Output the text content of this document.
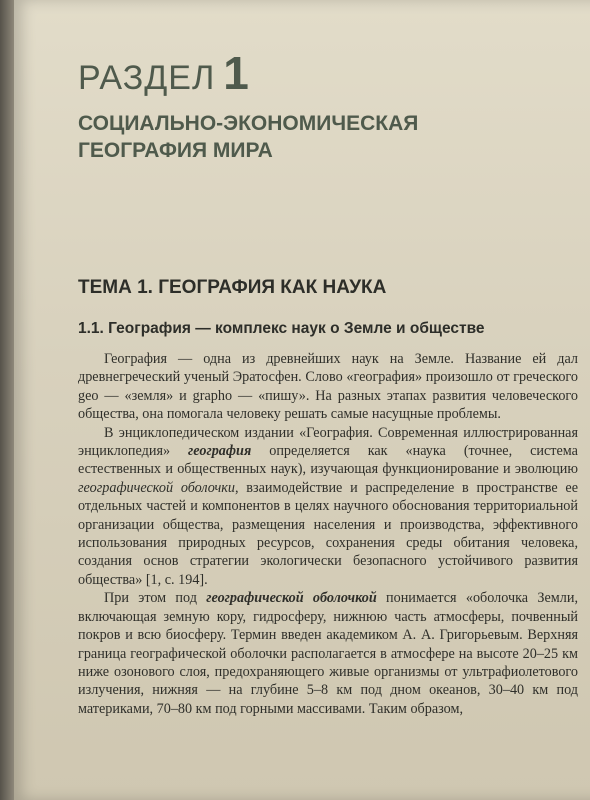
РАЗДЕЛ 1
СОЦИАЛЬНО-ЭКОНОМИЧЕСКАЯ ГЕОГРАФИЯ МИРА
ТЕМА 1. ГЕОГРАФИЯ КАК НАУКА
1.1. География — комплекс наук о Земле и обществе

География — одна из древнейших наук на Земле. Название ей дал древнегреческий ученый Эратосфен. Слово «география» произошло от греческого geo — «земля» и grapho — «пишу». На разных этапах развития человеческого общества, она помогала человеку решать самые насущные проблемы.

В энциклопедическом издании «География. Современная иллюстрированная энциклопедия» география определяется как «наука (точнее, система естественных и общественных наук), изучающая функционирование и эволюцию географической оболочки, взаимодействие и распределение в пространстве ее отдельных частей и компонентов в целях научного обоснования территориальной организации общества, размещения населения и производства, эффективного использования природных ресурсов, сохранения среды обитания человека, создания основ стратегии экологически безопасного устойчивого развития общества» [1, с. 194].

При этом под географической оболочкой понимается «оболочка Земли, включающая земную кору, гидросферу, нижнюю часть атмосферы, почвенный покров и всю биосферу. Термин введен академиком А. А. Григорьевым. Верхняя граница географической оболочки располагается в атмосфере на высоте 20–25 км ниже озонового слоя, предохраняющего живые организмы от ультрафиолетового излучения, нижняя — на глубине 5–8 км под дном океанов, 30–40 км под материками, 70–80 км под горными массивами. Таким образом,
